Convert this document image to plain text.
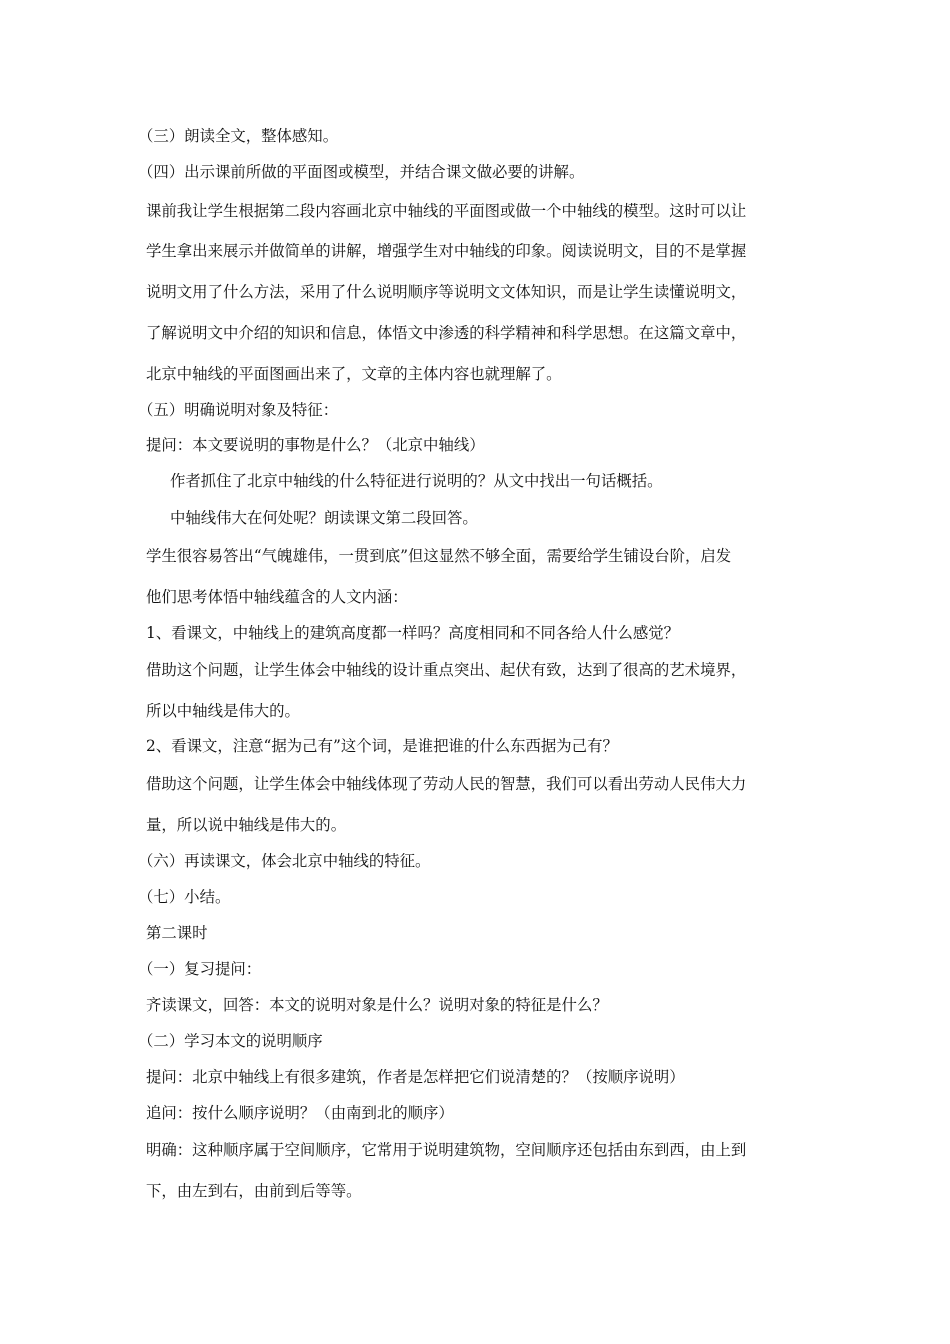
（三）朗读全文，整体感知。
（四）出示课前所做的平面图或模型，并结合课文做必要的讲解。
课前我让学生根据第二段内容画北京中轴线的平面图或做一个中轴线的模型。这时可以让
学生拿出来展示并做简单的讲解，增强学生对中轴线的印象。阅读说明文，目的不是掌握
说明文用了什么方法，采用了什么说明顺序等说明文文体知识，而是让学生读懂说明文，
了解说明文中介绍的知识和信息，体悟文中渗透的科学精神和科学思想。在这篇文章中，
北京中轴线的平面图画出来了，文章的主体内容也就理解了。
（五）明确说明对象及特征：
提问：本文要说明的事物是什么？（北京中轴线）
作者抓住了北京中轴线的什么特征进行说明的？从文中找出一句话概括。
中轴线伟大在何处呢？朗读课文第二段回答。
学生很容易答出“气魄雄伟，一贯到底”但这显然不够全面，需要给学生铺设台阶，启发
他们思考体悟中轴线蕴含的人文内涵：
1、看课文，中轴线上的建筑高度都一样吗？高度相同和不同各给人什么感觉？
借助这个问题，让学生体会中轴线的设计重点突出、起伏有致，达到了很高的艺术境界，
所以中轴线是伟大的。
2、看课文，注意“据为己有”这个词，是谁把谁的什么东西据为己有？
借助这个问题，让学生体会中轴线体现了劳动人民的智慧，我们可以看出劳动人民伟大力
量，所以说中轴线是伟大的。
（六）再读课文，体会北京中轴线的特征。
（七）小结。
第二课时
（一）复习提问：
齐读课文，回答：本文的说明对象是什么？说明对象的特征是什么？
（二）学习本文的说明顺序
提问：北京中轴线上有很多建筑，作者是怎样把它们说清楚的？（按顺序说明）
追问：按什么顺序说明？（由南到北的顺序）
明确：这种顺序属于空间顺序，它常用于说明建筑物，空间顺序还包括由东到西，由上到
下，由左到右，由前到后等等。
